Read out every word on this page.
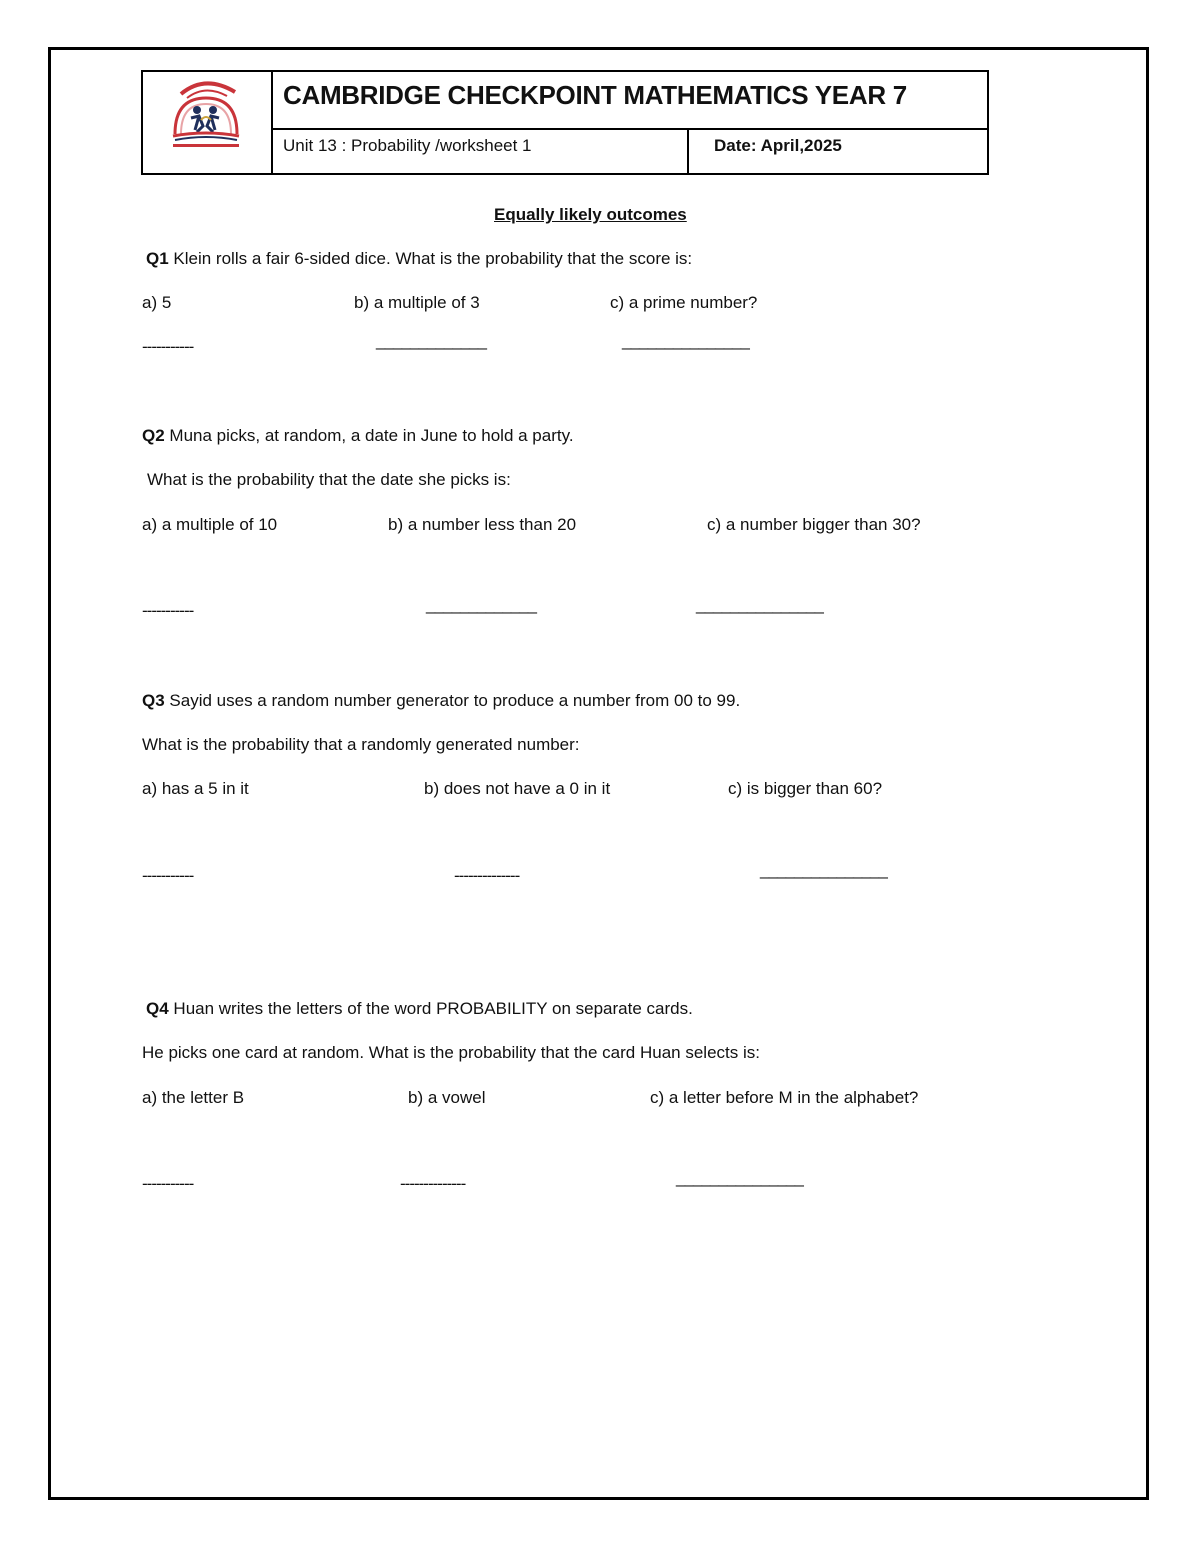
CAMBRIDGE CHECKPOINT MATHEMATICS YEAR 7
Unit 13 : Probability /worksheet 1	Date: April,2025
Equally likely outcomes
Q1 Klein rolls a fair 6-sided dice. What is the probability that the score is:
a) 5	b) a multiple of 3	c) a prime number?
-----------	_____________	_______________
Q2 Muna picks, at random, a date in June to hold a party.
What is the probability that the date she picks is:
a) a multiple of 10	b) a number less than 20	c) a number bigger than 30?
-----------	_____________	_______________
Q3 Sayid uses a random number generator to produce a number from 00 to 99.
What is the probability that a randomly generated number:
a) has a 5 in it	b) does not have a 0 in it	c) is bigger than 60?
-----------	--------------	_______________
Q4 Huan writes the letters of the word PROBABILITY on separate cards.
He picks one card at random. What is the probability that the card Huan selects is:
a) the letter B	b) a vowel	c) a letter before M in the alphabet?
-----------	--------------	_______________
